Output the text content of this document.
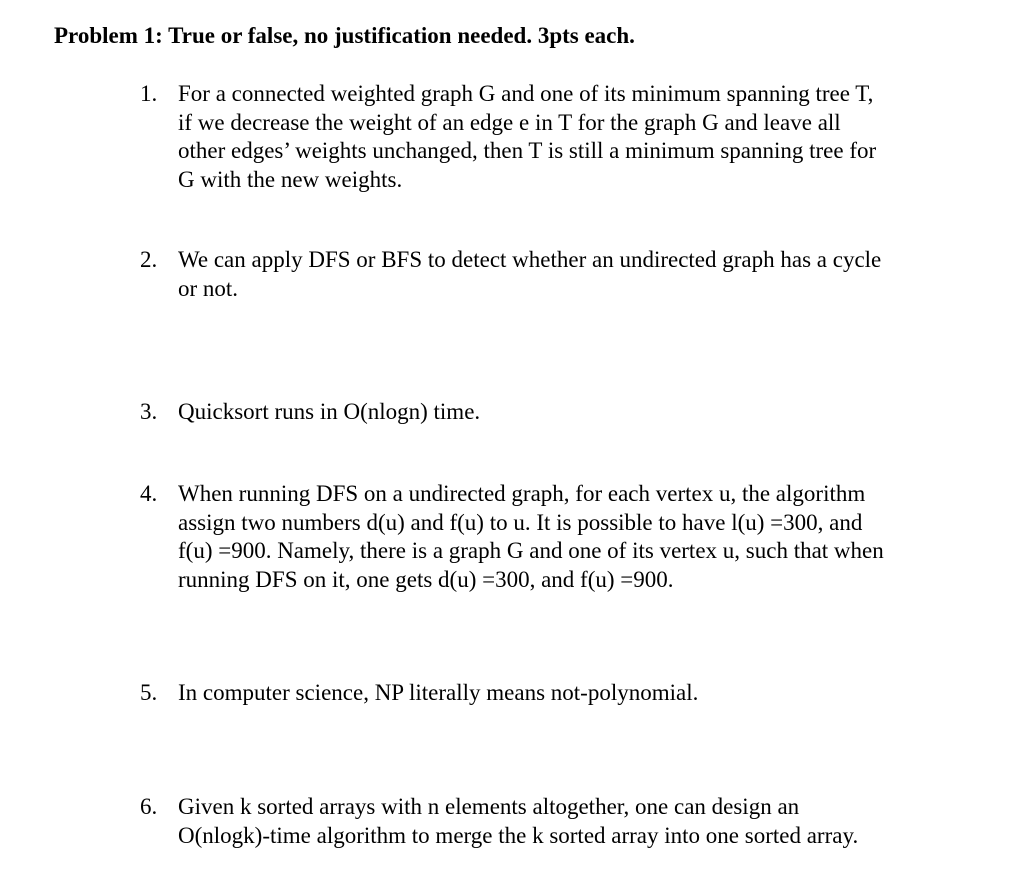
Problem 1: True or false, no justification needed. 3pts each.
1. For a connected weighted graph G and one of its minimum spanning tree T,
if we decrease the weight of an edge e in T for the graph G and leave all
other edges’ weights unchanged, then T is still a minimum spanning tree for
G with the new weights.
2. We can apply DFS or BFS to detect whether an undirected graph has a cycle
or not.
3. Quicksort runs in O(nlogn) time.
4. When running DFS on a undirected graph, for each vertex u, the algorithm
assign two numbers d(u) and f(u) to u. It is possible to have l(u) =300, and
f(u) =900. Namely, there is a graph G and one of its vertex u, such that when
running DFS on it, one gets d(u) =300, and f(u) =900.
5. In computer science, NP literally means not-polynomial.
6. Given k sorted arrays with n elements altogether, one can design an
O(nlogk)-time algorithm to merge the k sorted array into one sorted array.
